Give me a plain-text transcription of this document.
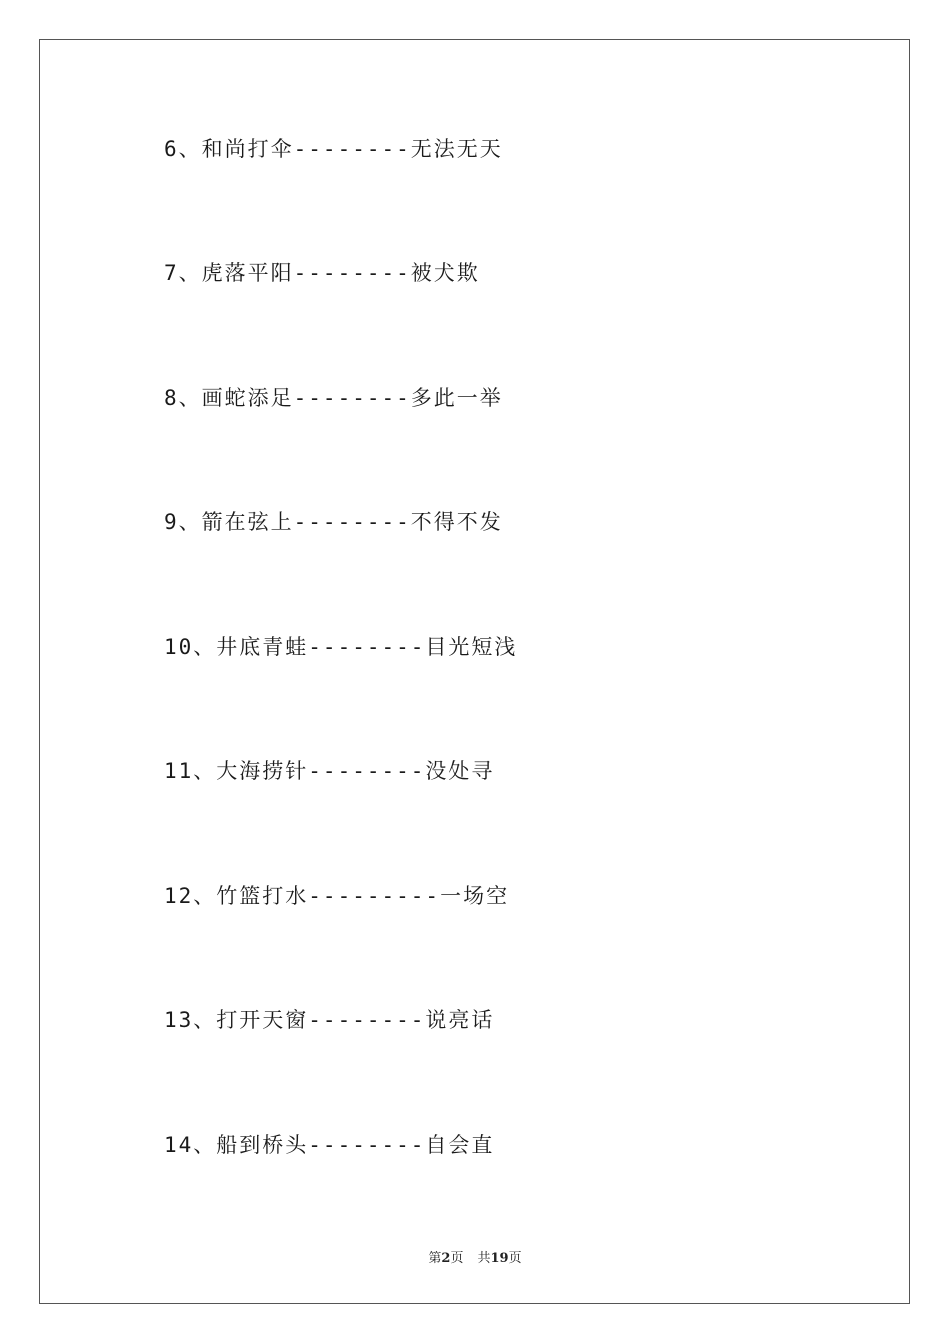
6、和尚打伞--------无法无天
7、虎落平阳--------被犬欺
8、画蛇添足--------多此一举
9、箭在弦上--------不得不发
10、井底青蛙--------目光短浅
11、大海捞针--------没处寻
12、竹篮打水---------一场空
13、打开天窗--------说亮话
14、船到桥头--------自会直
第2页 共19页
